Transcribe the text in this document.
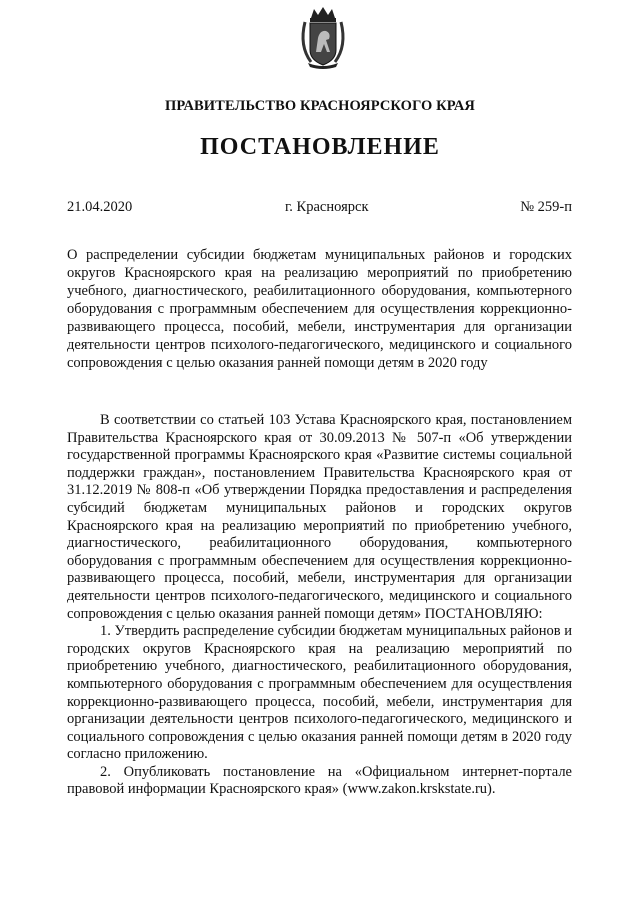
ПРАВИТЕЛЬСТВО КРАСНОЯРСКОГО КРАЯ
ПОСТАНОВЛЕНИЕ
21.04.2020	г. Красноярск	№ 259-п

О распределении субсидии бюджетам муниципальных районов и городских округов Красноярского края на реализацию мероприятий по приобретению учебного, диагностического, реабилитационного оборудования, компьютерного оборудования с программным обеспечением для осуществления коррекционно-развивающего процесса, пособий, мебели, инструментария для организации деятельности центров психолого-педагогического, медицинского и социального сопровождения с целью оказания ранней помощи детям в 2020 году

В соответствии со статьей 103 Устава Красноярского края, постановлением Правительства Красноярского края от 30.09.2013 № 507-п «Об утверждении государственной программы Красноярского края «Развитие системы социальной поддержки граждан», постановлением Правительства Красноярского края от 31.12.2019 № 808-п «Об утверждении Порядка предоставления и распределения субсидий бюджетам муниципальных районов и городских округов Красноярского края на реализацию мероприятий по приобретению учебного, диагностического, реабилитационного оборудования, компьютерного оборудования с программным обеспечением для осуществления коррекционно-развивающего процесса, пособий, мебели, инструментария для организации деятельности центров психолого-педагогического, медицинского и социального сопровождения с целью оказания ранней помощи детям» ПОСТАНОВЛЯЮ:

1. Утвердить распределение субсидии бюджетам муниципальных районов и городских округов Красноярского края на реализацию мероприятий по приобретению учебного, диагностического, реабилитационного оборудования, компьютерного оборудования с программным обеспечением для осуществления коррекционно-развивающего процесса, пособий, мебели, инструментария для организации деятельности центров психолого-педагогического, медицинского и социального сопровождения с целью оказания ранней помощи детям в 2020 году согласно приложению.

2. Опубликовать постановление на «Официальном интернет-портале правовой информации Красноярского края» (www.zakon.krskstate.ru).
